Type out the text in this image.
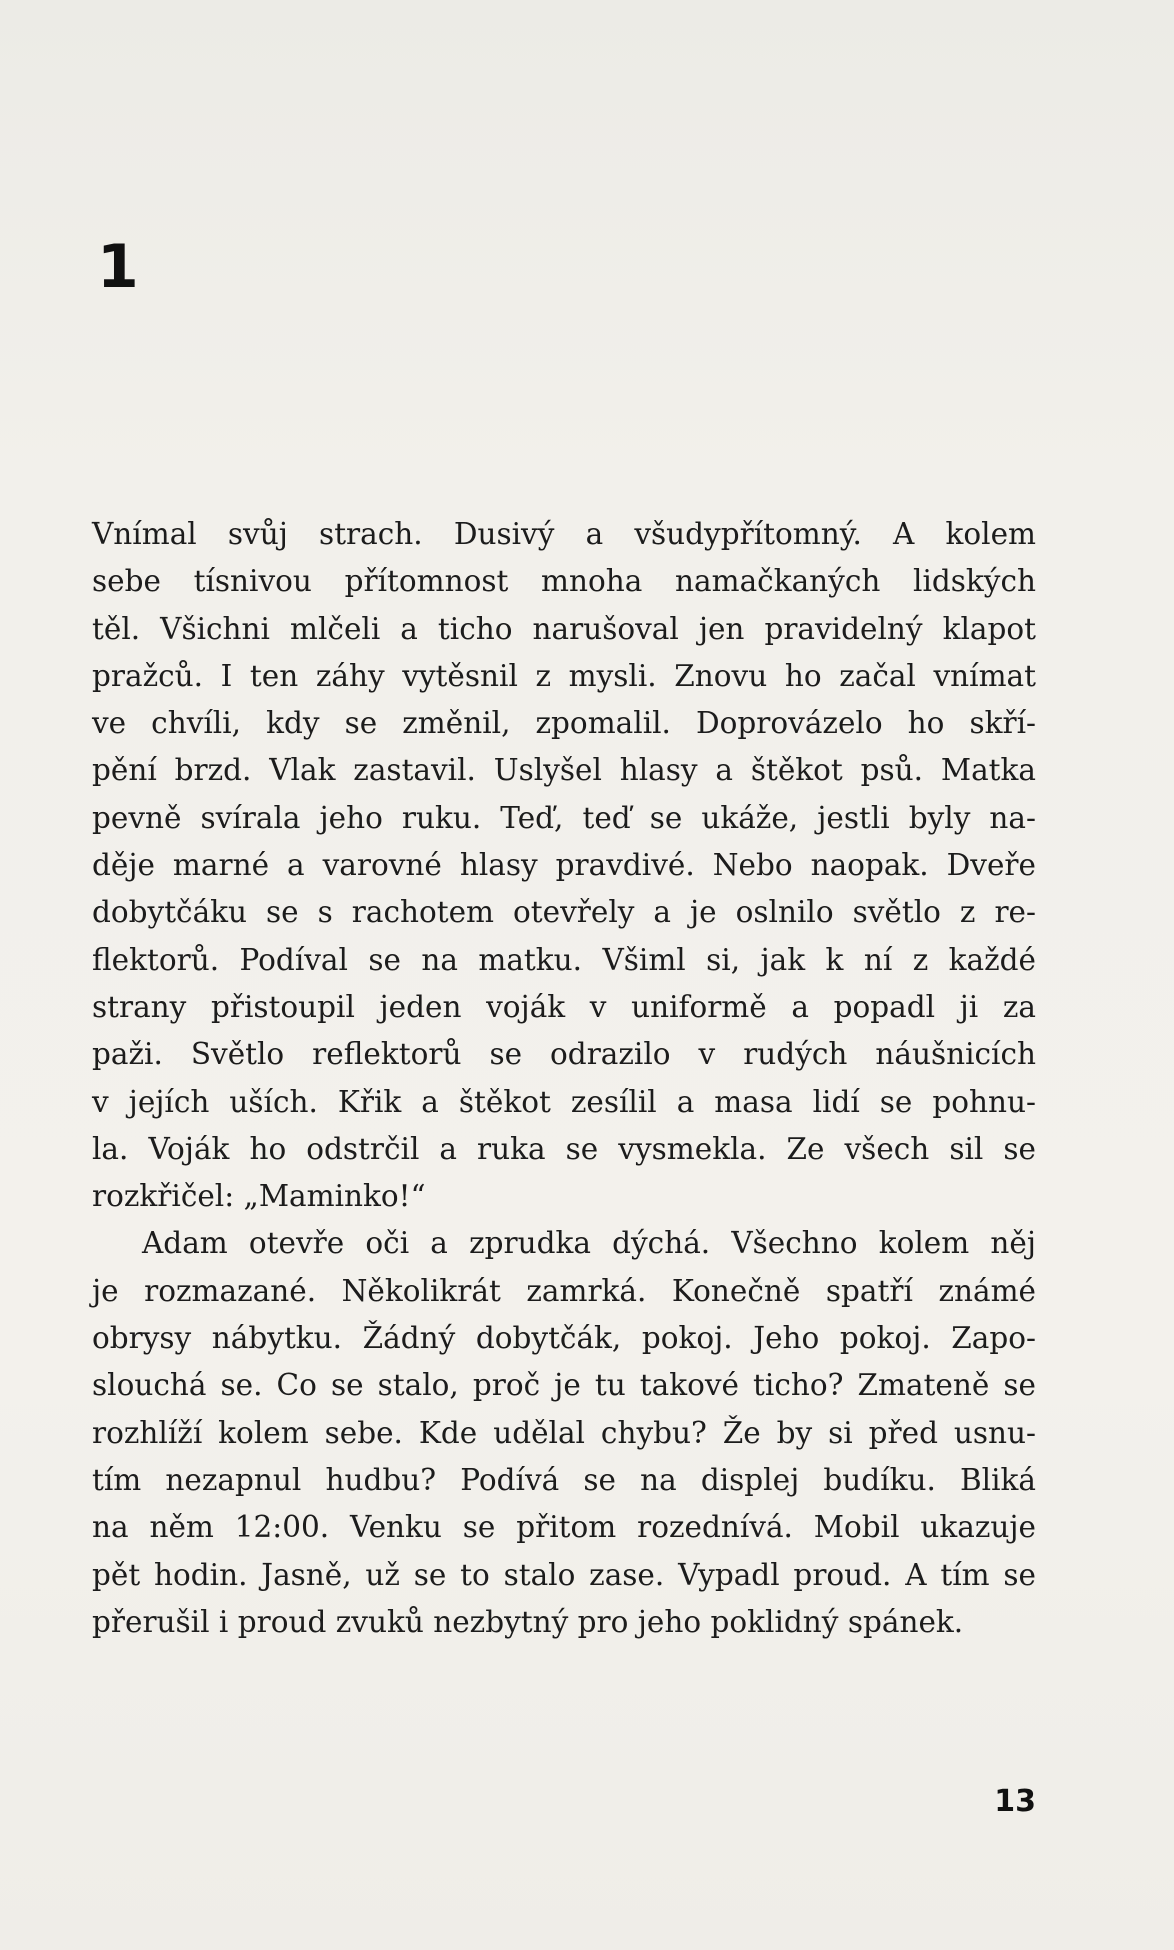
1
Vnímal svůj strach. Dusivý a všudypřítomný. A kolem
sebe tísnivou přítomnost mnoha namačkaných lidských
těl. Všichni mlčeli a ticho narušoval jen pravidelný klapot
pražců. I ten záhy vytěsnil z mysli. Znovu ho začal vnímat
ve chvíli, kdy se změnil, zpomalil. Doprovázelo ho skří-
pění brzd. Vlak zastavil. Uslyšel hlasy a štěkot psů. Matka
pevně svírala jeho ruku. Teď, teď se ukáže, jestli byly na-
děje marné a varovné hlasy pravdivé. Nebo naopak. Dveře
dobytčáku se s rachotem otevřely a je oslnilo světlo z re-
flektorů. Podíval se na matku. Všiml si, jak k ní z každé
strany přistoupil jeden voják v uniformě a popadl ji za
paži. Světlo reflektorů se odrazilo v rudých náušnicích
v jejích uších. Křik a štěkot zesílil a masa lidí se pohnu-
la. Voják ho odstrčil a ruka se vysmekla. Ze všech sil se
rozkřičel: „Maminko!“
Adam otevře oči a zprudka dýchá. Všechno kolem něj
je rozmazané. Několikrát zamrká. Konečně spatří známé
obrysy nábytku. Žádný dobytčák, pokoj. Jeho pokoj. Zapo-
slouchá se. Co se stalo, proč je tu takové ticho? Zmateně se
rozhlíží kolem sebe. Kde udělal chybu? Že by si před usnu-
tím nezapnul hudbu? Podívá se na displej budíku. Bliká
na něm 12:00. Venku se přitom rozednívá. Mobil ukazuje
pět hodin. Jasně, už se to stalo zase. Vypadl proud. A tím se
přerušil i proud zvuků nezbytný pro jeho poklidný spánek.
13
